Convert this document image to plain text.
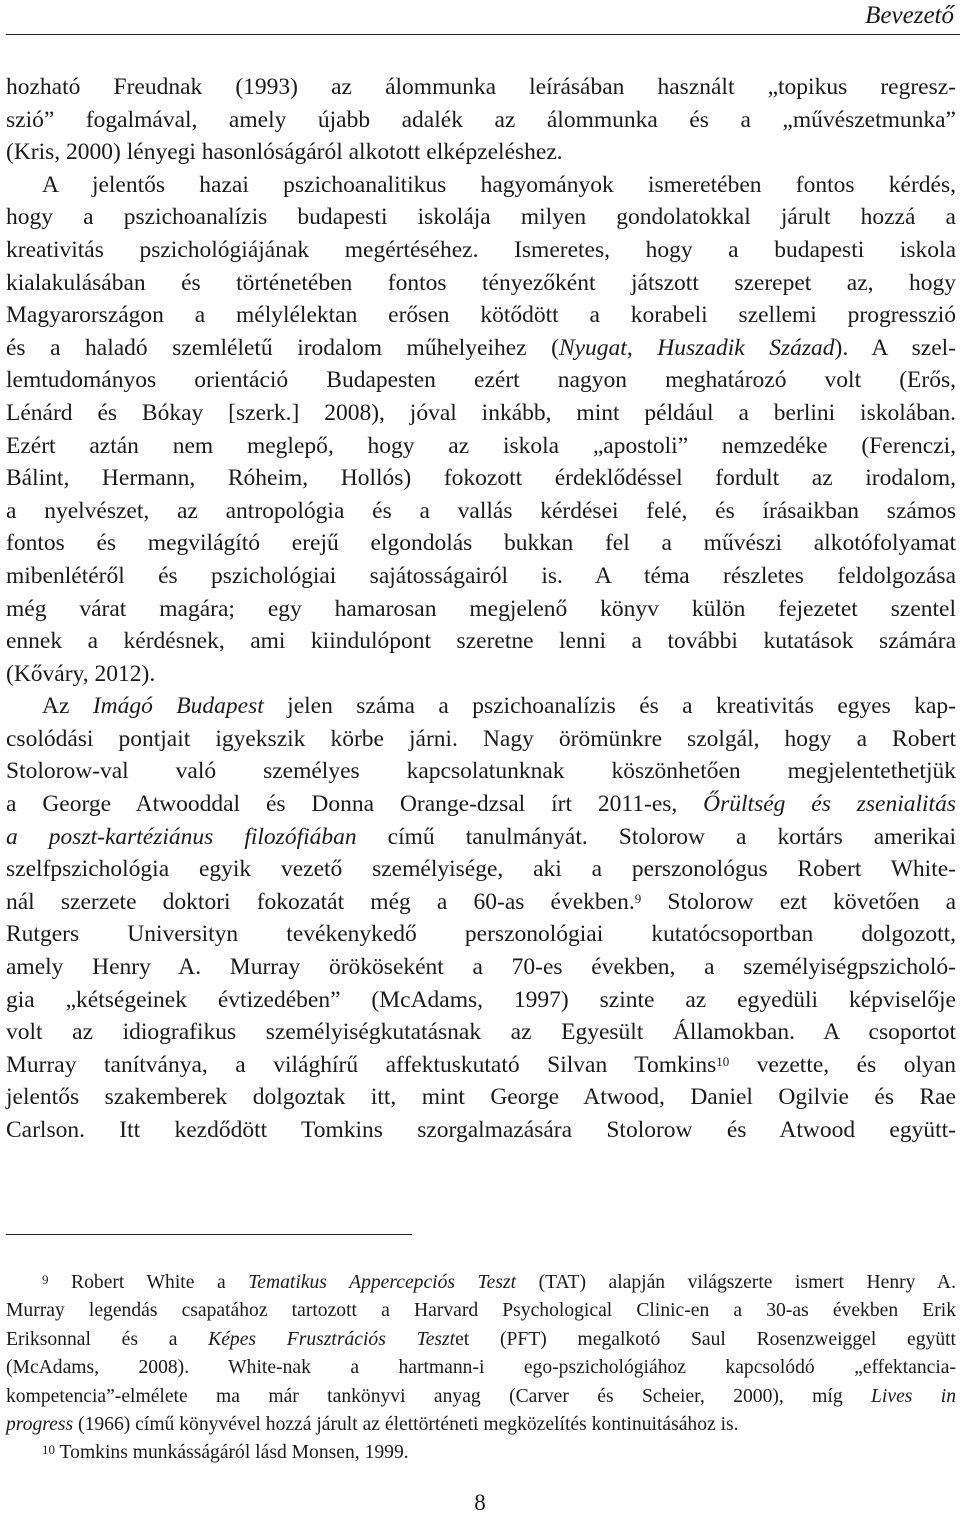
Bevezető

hozható Freudnak (1993) az álommunka leírásában használt „topikus regresz-
szió” fogalmával, amely újabb adalék az álommunka és a „művészetmunka”
(Kris, 2000) lényegi hasonlóságáról alkotott elképzeléshez.

A jelentős hazai pszichoanalitikus hagyományok ismeretében fontos kérdés,
hogy a pszichoanalízis budapesti iskolája milyen gondolatokkal járult hozzá a
kreativitás pszichológiájának megértéséhez. Ismeretes, hogy a budapesti iskola
kialakulásában és történetében fontos tényezőként játszott szerepet az, hogy
Magyarországon a mélylélektan erősen kötődött a korabeli szellemi progresszió
és a haladó szemléletű irodalom műhelyeihez (Nyugat, Huszadik Század). A szel-
lemtudományos orientáció Budapesten ezért nagyon meghatározó volt (Erős,
Lénárd és Bókay [szerk.] 2008), jóval inkább, mint például a berlini iskolában.
Ezért aztán nem meglepő, hogy az iskola „apostoli” nemzedéke (Ferenczi,
Bálint, Hermann, Róheim, Hollós) fokozott érdeklődéssel fordult az irodalom,
a nyelvészet, az antropológia és a vallás kérdései felé, és írásaikban számos
fontos és megvilágító erejű elgondolás bukkan fel a művészi alkotófolyamat
mibenlétéről és pszichológiai sajátosságairól is. A téma részletes feldolgozása
még várat magára; egy hamarosan megjelenő könyv külön fejezetet szentel
ennek a kérdésnek, ami kiindulópont szeretne lenni a további kutatások számára
(Kőváry, 2012).

Az Imágó Budapest jelen száma a pszichoanalízis és a kreativitás egyes kap-
csolódási pontjait igyekszik körbe járni. Nagy örömünkre szolgál, hogy a Robert
Stolorow-val való személyes kapcsolatunknak köszönhetően megjelentethetjük
a George Atwooddal és Donna Orange-dzsal írt 2011-es, Őrültség és zsenialitás
a poszt-kartéziánus filozófiában című tanulmányát. Stolorow a kortárs amerikai
szelfpszichológia egyik vezető személyisége, aki a perszonológus Robert White-
nál szerzete doktori fokozatát még a 60-as években.$^9$ Stolorow ezt követően a
Rutgers Universityn tevékenykedő perszonológiai kutatócsoportban dolgozott,
amely Henry A. Murray örököseként a 70-es években, a személyiségpszicholó-
gia „kétségeinek évtizedében” (McAdams, 1997) szinte az egyedüli képviselője
volt az idiografikus személyiségkutatásnak az Egyesült Államokban. A csoportot
Murray tanítványa, a világhírű affektuskutató Silvan Tomkins$^{10}$ vezette, és olyan
jelentős szakemberek dolgoztak itt, mint George Atwood, Daniel Ogilvie és Rae
Carlson. Itt kezdődött Tomkins szorgalmazására Stolorow és Atwood együtt-

$^9$ Robert White a Tematikus Appercepciós Teszt (TAT) alapján világszerte ismert Henry A.
Murray legendás csapatához tartozott a Harvard Psychological Clinic-en a 30-as években Erik
Eriksonnal és a Képes Frusztrációs Tesztet (PFT) megalkotó Saul Rosenzweiggel együtt
(McAdams, 2008). White-nak a hartmann-i ego-pszichológiához kapcsolódó „effektancia-
kompetencia”-elmélete ma már tankönyvi anyag (Carver és Scheier, 2000), míg Lives in
progress (1966) című könyvével hozzá járult az élettörténeti megközelítés kontinuitásához is.
$^{10}$ Tomkins munkásságáról lásd Monsen, 1999.
8
